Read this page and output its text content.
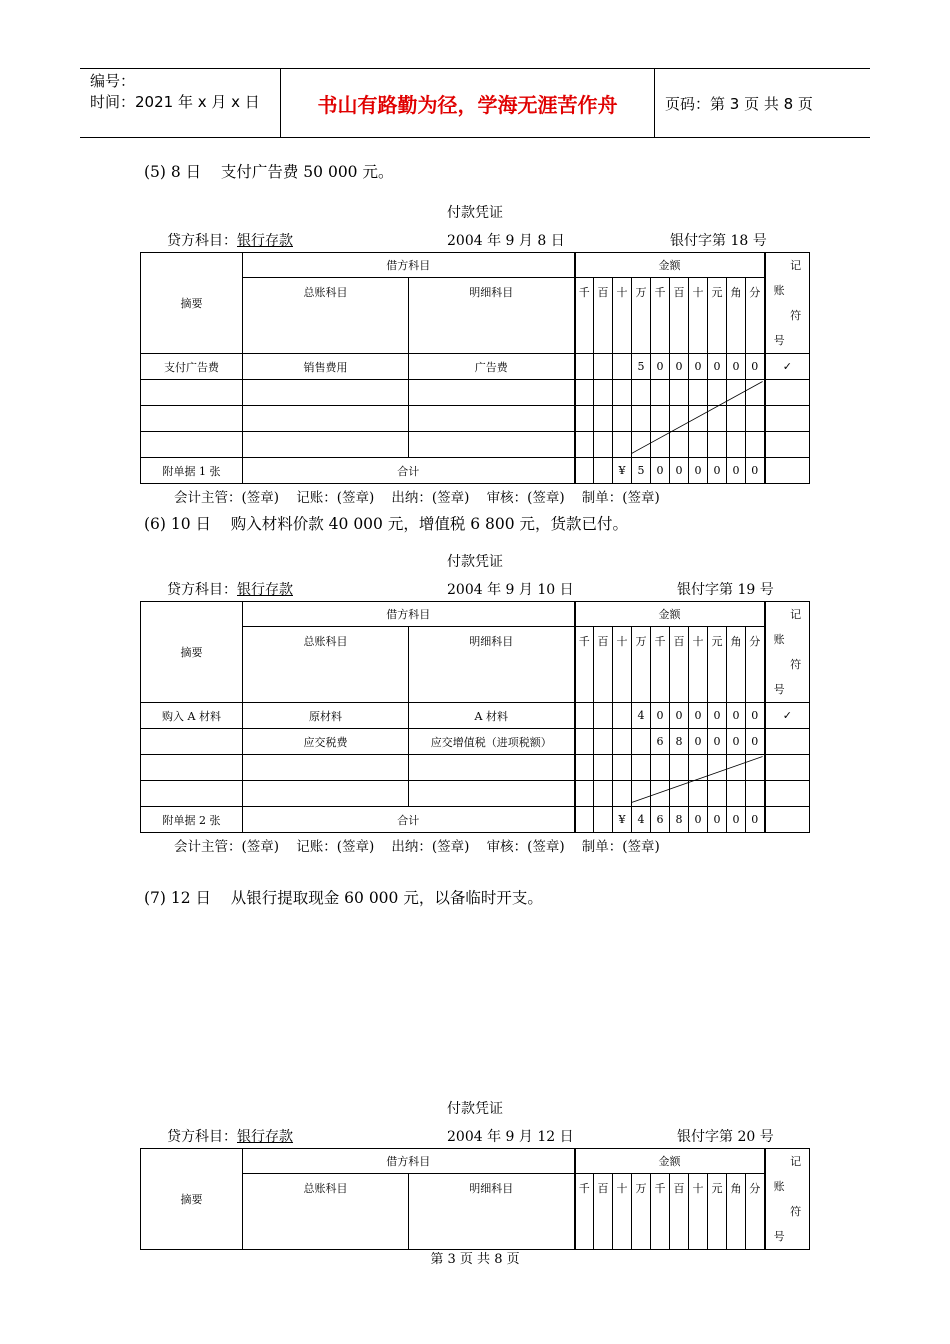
编号：
时间：2021 年 x 月 x 日	书山有路勤为径，学海无涯苦作舟	页码：第 3 页 共 8 页
(5) 8 日    支付广告费 50 000 元。
付款凭证
贷方科目：银行存款	2004 年 9 月 8 日	银付字第 18 号
摘要	借方科目		金额										记
账
符
号

	总账科目	明细科目	千	百	十	万	千	百	十	元	角	分	
支付广告费	销售费用	广告费				5	0	0	0	0	0	0	✓

附单据 1 张	合计				¥	5	0	0	0	0	0	0	
会计主管：(签章)    记账：(签章)    出纳：(签章)    审核：(签章)    制单：(签章)
(6) 10 日    购入材料价款 40 000 元，增值税 6 800 元，货款已付。
付款凭证
贷方科目：银行存款	2004 年 9 月 10 日	银付字第 19 号
摘要	借方科目		金额										记
账
符
号

	总账科目	明细科目	千	百	十	万	千	百	十	元	角	分	
购入 A 材料	原材料	A 材料				4	0	0	0	0	0	0	✓
	应交税费	应交增值税（进项税额）					6	8	0	0	0	0	

附单据 2 张	合计				¥	4	6	8	0	0	0	0	
会计主管：(签章)    记账：(签章)    出纳：(签章)    审核：(签章)    制单：(签章)
(7) 12 日    从银行提取现金 60 000 元，以备临时开支。
付款凭证
贷方科目：银行存款	2004 年 9 月 12 日	银付字第 20 号
摘要	借方科目		金额										记
账
符
号

	总账科目	明细科目	千	百	十	万	千	百	十	元	角	分	

第 3 页 共 8 页
